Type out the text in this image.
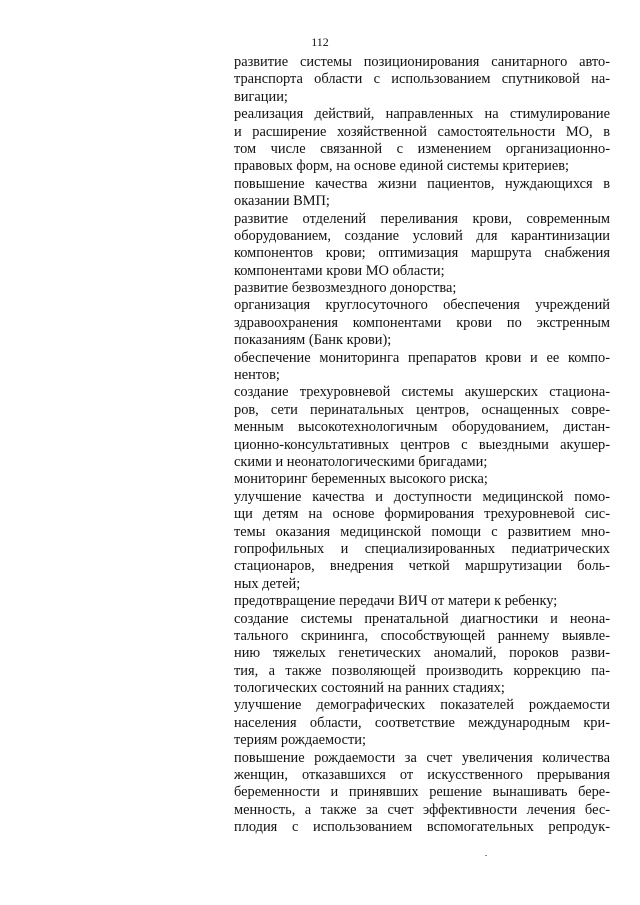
112
развитие системы позиционирования санитарного авто-
транспорта области с использованием спутниковой на-
вигации;
реализация действий, направленных на стимулирование
и расширение хозяйственной самостоятельности МО, в
том числе связанной с изменением организационно-
правовых форм, на основе единой системы критериев;
повышение качества жизни пациентов, нуждающихся в
оказании ВМП;
развитие отделений переливания крови, современным
оборудованием, создание условий для карантинизации
компонентов крови; оптимизация маршрута снабжения
компонентами крови МО области;
развитие безвозмездного донорства;
организация круглосуточного обеспечения учреждений
здравоохранения компонентами крови по экстренным
показаниям (Банк крови);
обеспечение мониторинга препаратов крови и ее компо-
нентов;
создание трехуровневой системы акушерских стациона-
ров, сети перинатальных центров, оснащенных совре-
менным высокотехнологичным оборудованием, дистан-
ционно-консультативных центров с выездными акушер-
скими и неонатологическими бригадами;
мониторинг беременных высокого риска;
улучшение качества и доступности медицинской помо-
щи детям на основе формирования трехуровневой сис-
темы оказания медицинской помощи с развитием мно-
гопрофильных и специализированных педиатрических
стационаров, внедрения четкой маршрутизации боль-
ных детей;
предотвращение передачи ВИЧ от матери к ребенку;
создание системы пренатальной диагностики и неона-
тального скрининга, способствующей раннему выявле-
нию тяжелых генетических аномалий, пороков разви-
тия, а также позволяющей производить коррекцию па-
тологических состояний на ранних стадиях;
улучшение демографических показателей рождаемости
населения области, соответствие международным кри-
териям рождаемости;
повышение рождаемости за счет увеличения количества
женщин, отказавшихся от искусственного прерывания
беременности и принявших решение вынашивать бере-
менность, а также за счет эффективности лечения бес-
плодия с использованием вспомогательных репродук-
